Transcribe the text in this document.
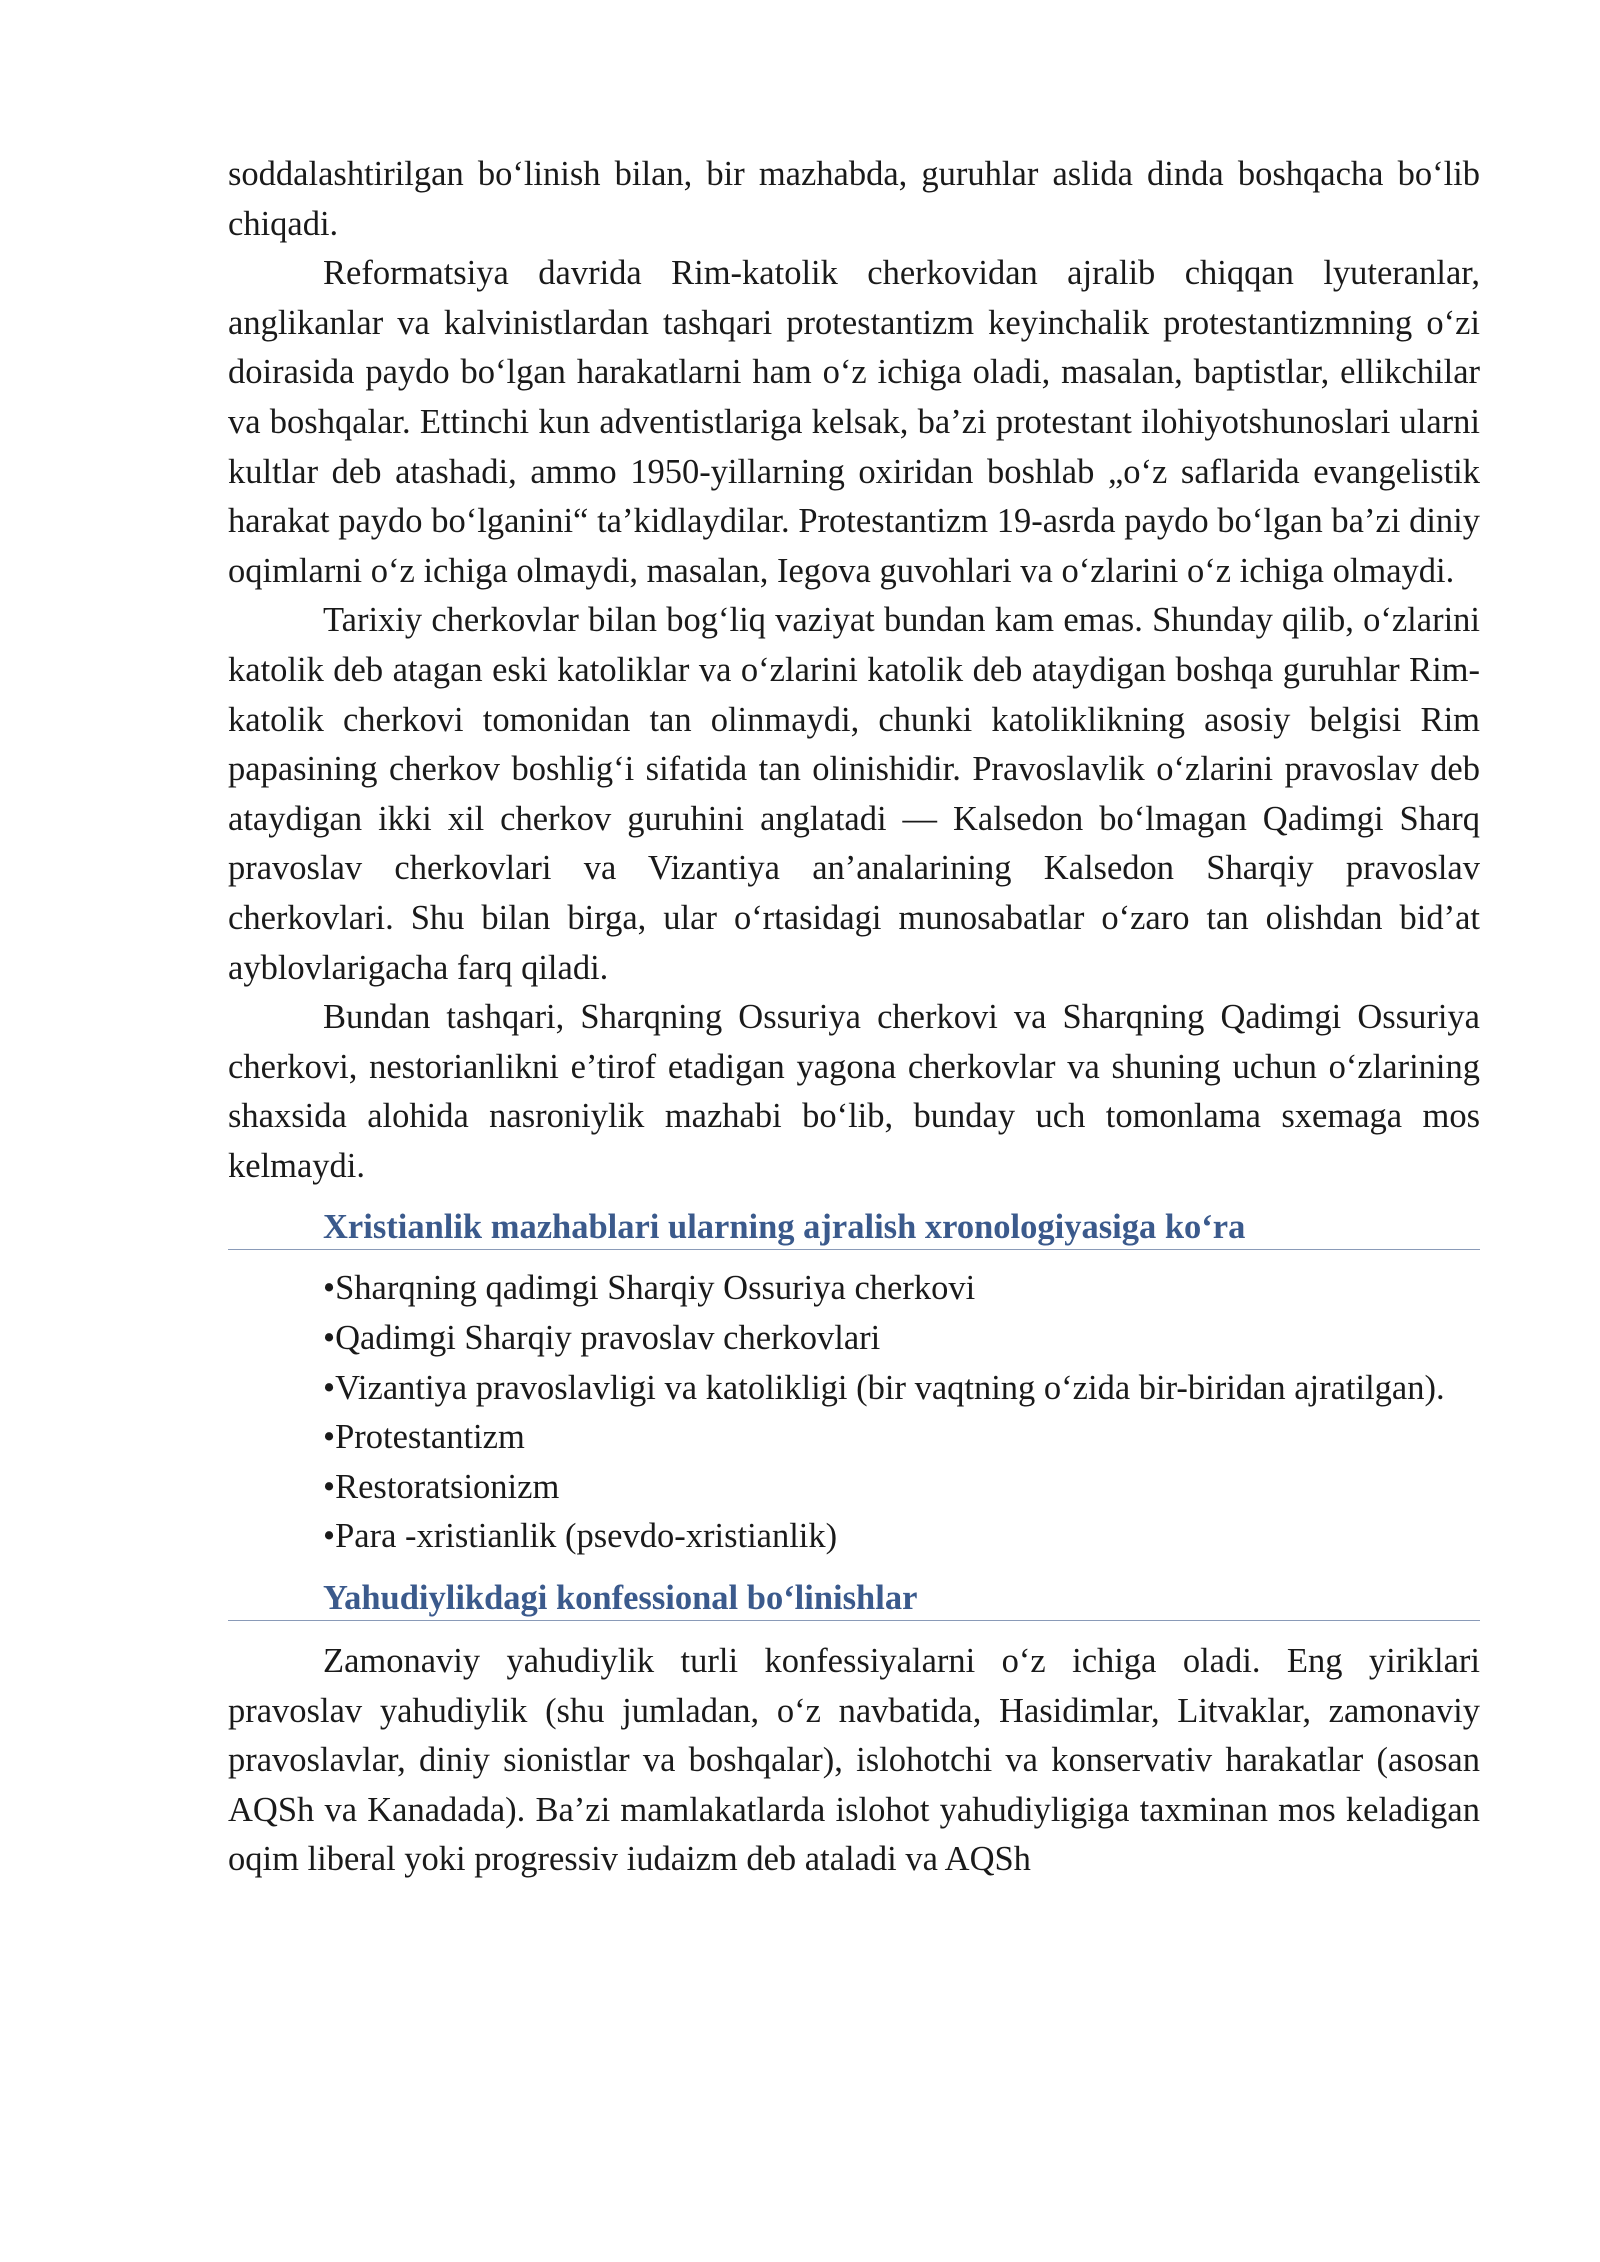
soddalashtirilgan bo‘linish bilan, bir mazhabda, guruhlar aslida dinda boshqacha bo‘lib chiqadi.

Reformatsiya davrida Rim-katolik cherkovidan ajralib chiqqan lyuteranlar, anglikanlar va kalvinistlardan tashqari protestantizm keyinchalik protestantizmning o‘zi doirasida paydo bo‘lgan harakatlarni ham o‘z ichiga oladi, masalan, baptistlar, ellikchilar va boshqalar. Ettinchi kun adventistlariga kelsak, ba’zi protestant ilohiyotshunoslari ularni kultlar deb atashadi, ammo 1950-yillarning oxiridan boshlab „o‘z saflarida evangelistik harakat paydo bo‘lganini“ ta’kidlaydilar. Protestantizm 19-asrda paydo bo‘lgan ba’zi diniy oqimlarni o‘z ichiga olmaydi, masalan, Iegova guvohlari va o‘zlarini o‘z ichiga olmaydi.

Tarixiy cherkovlar bilan bog‘liq vaziyat bundan kam emas. Shunday qilib, o‘zlarini katolik deb atagan eski katoliklar va o‘zlarini katolik deb ataydigan boshqa guruhlar Rim-katolik cherkovi tomonidan tan olinmaydi, chunki katoliklikning asosiy belgisi Rim papasining cherkov boshlig‘i sifatida tan olinishidir. Pravoslavlik o‘zlarini pravoslav deb ataydigan ikki xil cherkov guruhini anglatadi — Kalsedon bo‘lmagan Qadimgi Sharq pravoslav cherkovlari va Vizantiya an’analarining Kalsedon Sharqiy pravoslav cherkovlari. Shu bilan birga, ular o‘rtasidagi munosabatlar o‘zaro tan olishdan bid’at ayblovlarigacha farq qiladi.

Bundan tashqari, Sharqning Ossuriya cherkovi va Sharqning Qadimgi Ossuriya cherkovi, nestorianlikni e’tirof etadigan yagona cherkovlar va shuning uchun o‘zlarining shaxsida alohida nasroniylik mazhabi bo‘lib, bunday uch tomonlama sxemaga mos kelmaydi.

Xristianlik mazhablari ularning ajralish xronologiyasiga ko‘ra
•Sharqning qadimgi Sharqiy Ossuriya cherkovi
•Qadimgi Sharqiy pravoslav cherkovlari
•Vizantiya pravoslavligi va katolikligi (bir vaqtning o‘zida bir-biridan ajratilgan).
•Protestantizm
•Restoratsionizm
•Para -xristianlik (psevdo-xristianlik)
Yahudiylikdagi konfessional bo‘linishlar

Zamonaviy yahudiylik turli konfessiyalarni o‘z ichiga oladi. Eng yiriklari pravoslav yahudiylik (shu jumladan, o‘z navbatida, Hasidimlar, Litvaklar, zamonaviy pravoslavlar, diniy sionistlar va boshqalar), islohotchi va konservativ harakatlar (asosan AQSh va Kanadada). Ba’zi mamlakatlarda islohot yahudiyligiga taxminan mos keladigan oqim liberal yoki progressiv iudaizm deb ataladi va AQSh
